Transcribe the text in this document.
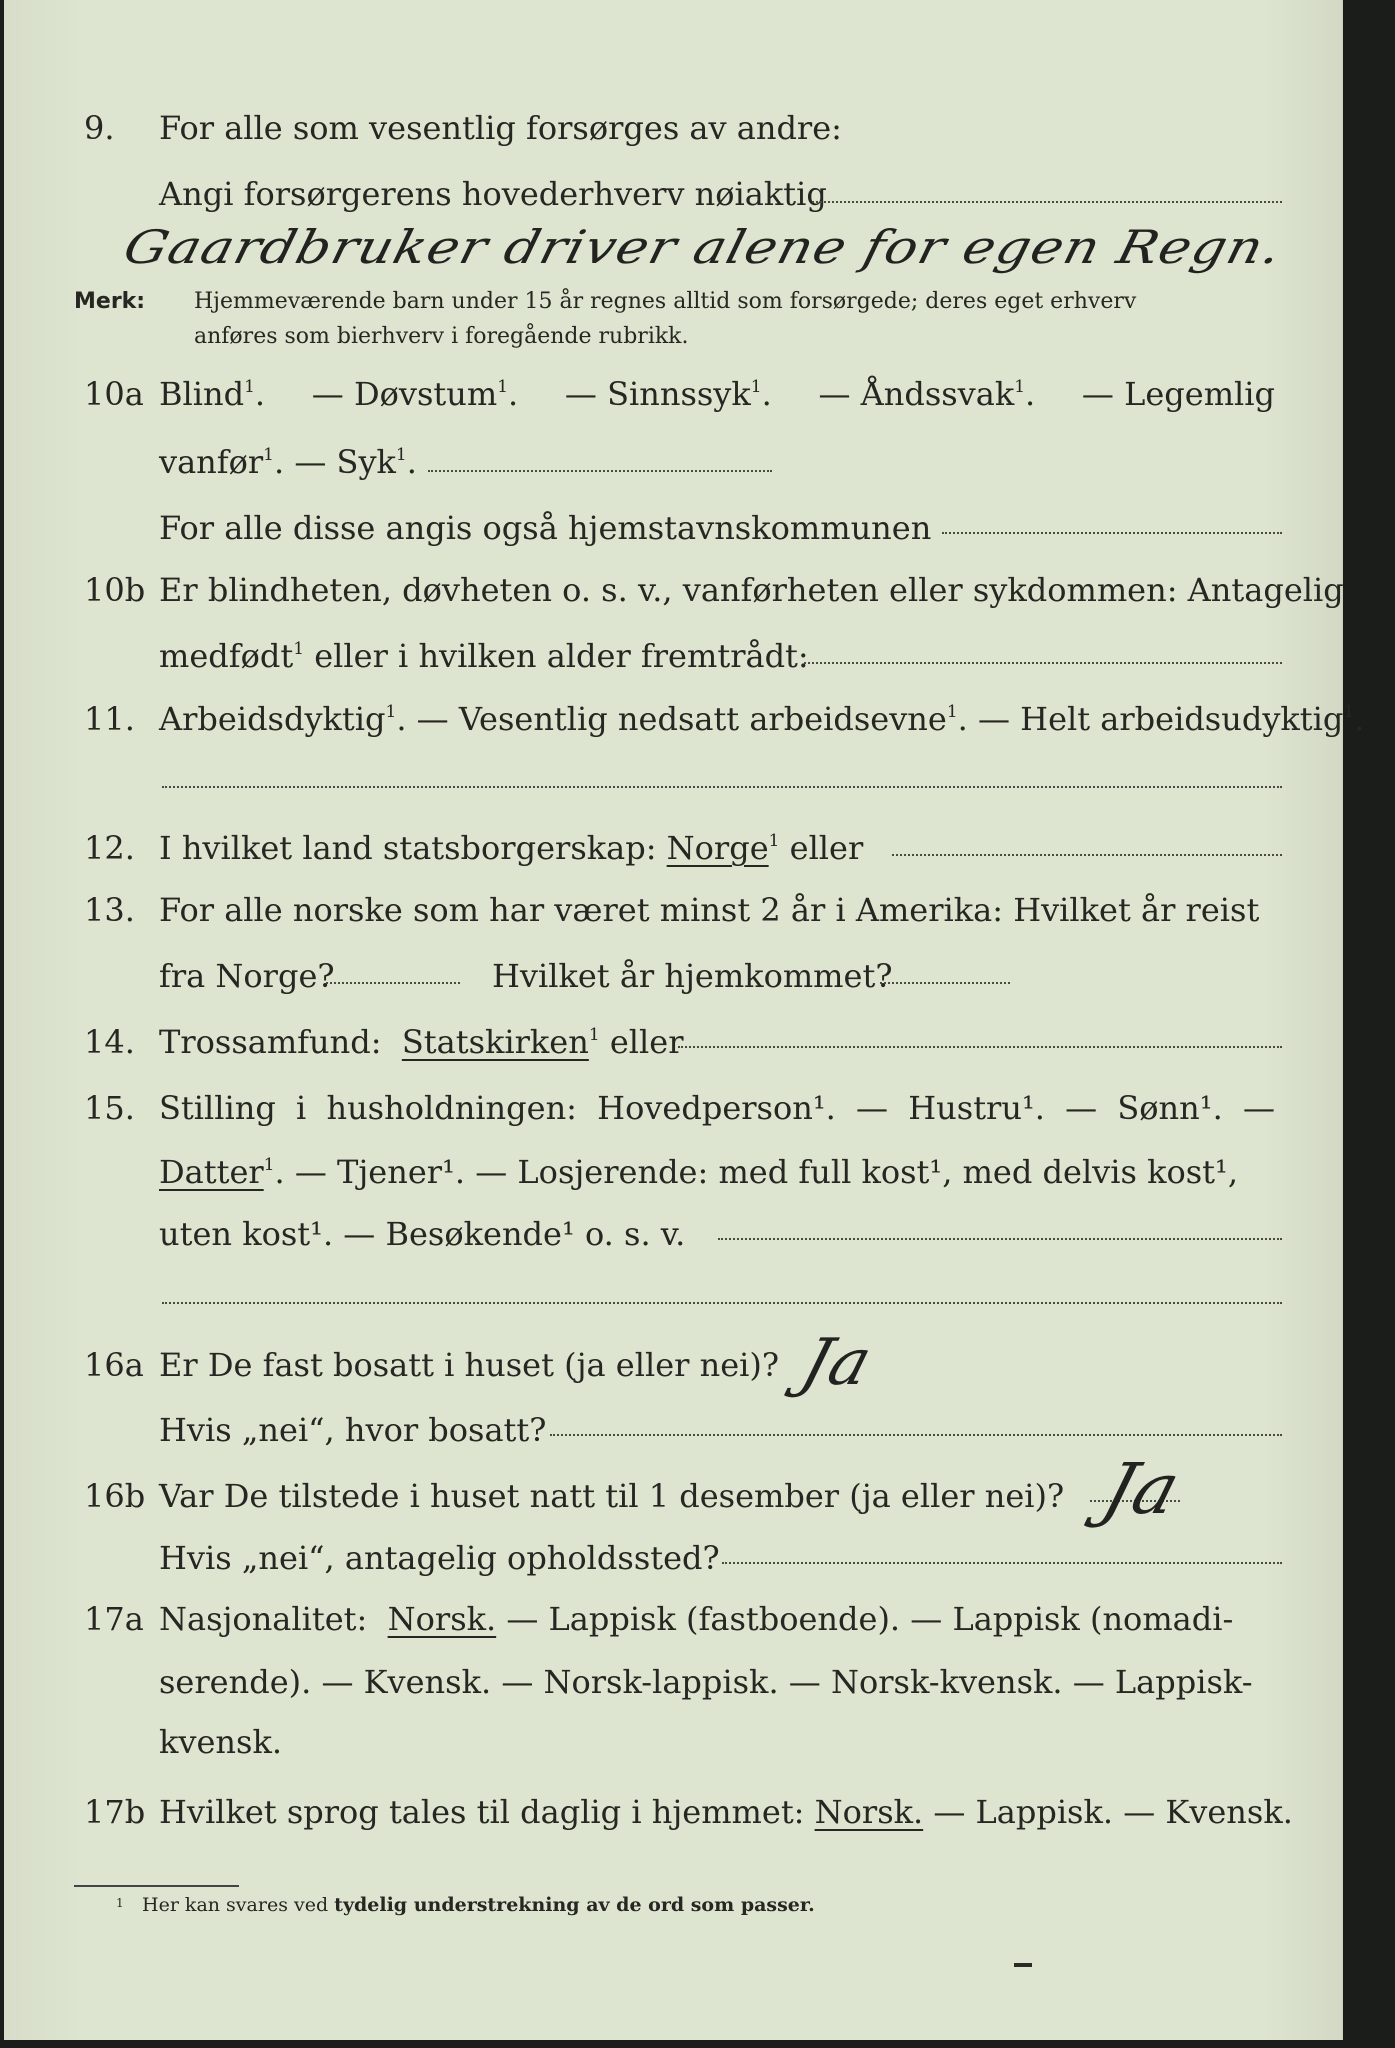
9. For alle som vesentlig forsørges av andre:
Angi forsørgerens hovederhverv nøiaktig
Gaardbruker driver alene for egen Regn.
Merk: Hjemmeværende barn under 15 år regnes alltid som forsørgede; deres eget erhverv
anføres som bierhverv i foregående rubrikk.
10a Blind$^1$. — Døvstum$^1$. — Sinnssyk$^1$. — Åndssvak$^1$. — Legemlig
vanfør$^1$. — Syk$^1$.
For alle disse angis også hjemstavnskommunen
10b Er blindheten, døvheten o. s. v., vanførheten eller sykdommen: Antagelig
medfødt$^1$ eller i hvilken alder fremtrådt:
11. Arbeidsdyktig$^1$. — Vesentlig nedsatt arbeidsevne$^1$. — Helt arbeidsudyktig$^1$.
12. I hvilket land statsborgerskap: Norge$^1$ eller
13. For alle norske som har været minst 2 år i Amerika: Hvilket år reist
fra Norge?	Hvilket år hjemkommet?
14. Trossamfund: Statskirken$^1$ eller
15. Stilling i husholdningen: Hovedperson¹. — Hustru¹. — Sønn¹. —
Datter$^1$. — Tjener¹. — Losjerende: med full kost¹, med delvis kost¹,
uten kost¹. — Besøkende¹ o. s. v.
16a Er De fast bosatt i huset (ja eller nei)? Ja
Hvis „nei“, hvor bosatt?
16b Var De tilstede i huset natt til 1 desember (ja eller nei)? Ja
Hvis „nei“, antagelig opholdssted?
17a Nasjonalitet: Norsk. — Lappisk (fastboende). — Lappisk (nomadi-
serende). — Kvensk. — Norsk-lappisk. — Norsk-kvensk. — Lappisk-
kvensk.
17b Hvilket sprog tales til daglig i hjemmet: Norsk. — Lappisk. — Kvensk.
1 Her kan svares ved tydelig understrekning av de ord som passer.
